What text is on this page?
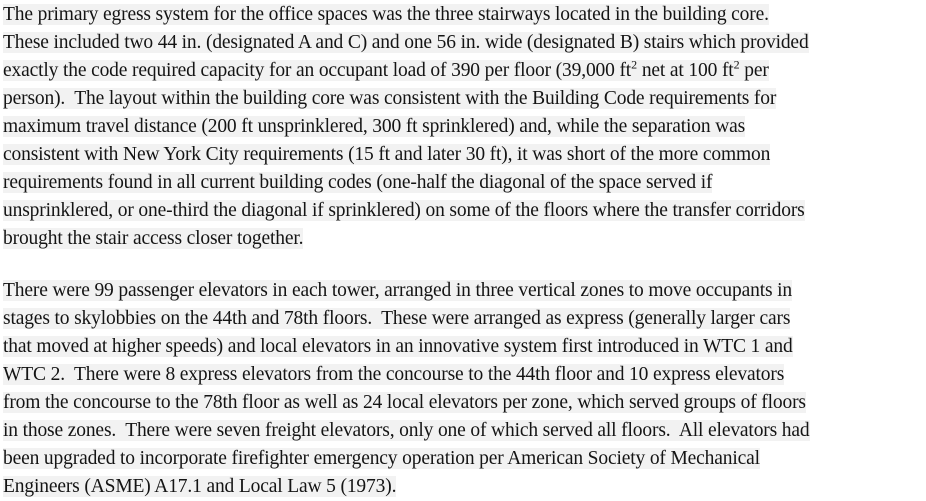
The primary egress system for the office spaces was the three stairways located in the building core.
These included two 44 in. (designated A and C) and one 56 in. wide (designated B) stairs which provided
exactly the code required capacity for an occupant load of 390 per floor (39,000 $ft^2$ net at 100 $ft^2$ per
person).  The layout within the building core was consistent with the Building Code requirements for
maximum travel distance (200 ft unsprinklered, 300 ft sprinklered) and, while the separation was
consistent with New York City requirements (15 ft and later 30 ft), it was short of the more common
requirements found in all current building codes (one-half the diagonal of the space served if
unsprinklered, or one-third the diagonal if sprinklered) on some of the floors where the transfer corridors
brought the stair access closer together.
There were 99 passenger elevators in each tower, arranged in three vertical zones to move occupants in
stages to skylobbies on the 44th and 78th floors.  These were arranged as express (generally larger cars
that moved at higher speeds) and local elevators in an innovative system first introduced in WTC 1 and
WTC 2.  There were 8 express elevators from the concourse to the 44th floor and 10 express elevators
from the concourse to the 78th floor as well as 24 local elevators per zone, which served groups of floors
in those zones.  There were seven freight elevators, only one of which served all floors.  All elevators had
been upgraded to incorporate firefighter emergency operation per American Society of Mechanical
Engineers (ASME) A17.1 and Local Law 5 (1973).
